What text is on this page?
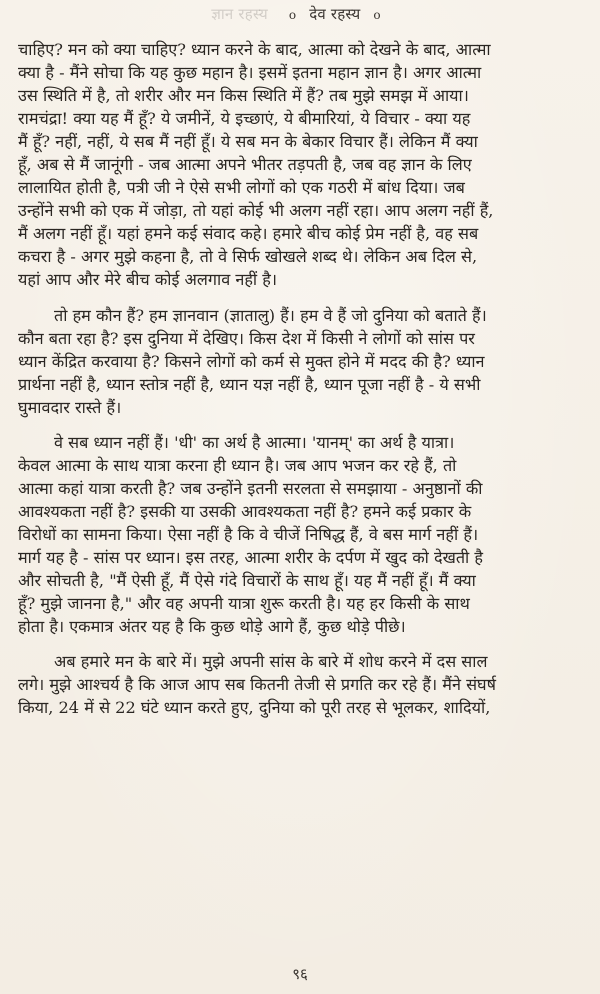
ज्ञान रहस्य o देव रहस्य o

चाहिए? मन को क्या चाहिए? ध्यान करने के बाद, आत्मा को देखने के बाद, आत्मा
क्या है - मैंने सोचा कि यह कुछ महान है। इसमें इतना महान ज्ञान है। अगर आत्मा
उस स्थिति में है, तो शरीर और मन किस स्थिति में हैं? तब मुझे समझ में आया।
रामचंद्रा! क्या यह मैं हूँ? ये जमीनें, ये इच्छाएं, ये बीमारियां, ये विचार - क्या यह
मैं हूँ? नहीं, नहीं, ये सब मैं नहीं हूँ। ये सब मन के बेकार विचार हैं। लेकिन मैं क्या
हूँ, अब से मैं जानूंगी - जब आत्मा अपने भीतर तड़पती है, जब वह ज्ञान के लिए
लालायित होती है, पत्री जी ने ऐसे सभी लोगों को एक गठरी में बांध दिया। जब
उन्होंने सभी को एक में जोड़ा, तो यहां कोई भी अलग नहीं रहा। आप अलग नहीं हैं,
मैं अलग नहीं हूँ। यहां हमने कई संवाद कहे। हमारे बीच कोई प्रेम नहीं है, वह सब
कचरा है - अगर मुझे कहना है, तो वे सिर्फ खोखले शब्द थे। लेकिन अब दिल से,
यहां आप और मेरे बीच कोई अलगाव नहीं है।

तो हम कौन हैं? हम ज्ञानवान (ज्ञातालु) हैं। हम वे हैं जो दुनिया को बताते हैं।
कौन बता रहा है? इस दुनिया में देखिए। किस देश में किसी ने लोगों को सांस पर
ध्यान केंद्रित करवाया है? किसने लोगों को कर्म से मुक्त होने में मदद की है? ध्यान
प्रार्थना नहीं है, ध्यान स्तोत्र नहीं है, ध्यान यज्ञ नहीं है, ध्यान पूजा नहीं है - ये सभी
घुमावदार रास्ते हैं।

वे सब ध्यान नहीं हैं। 'धी' का अर्थ है आत्मा। 'यानम्' का अर्थ है यात्रा।
केवल आत्मा के साथ यात्रा करना ही ध्यान है। जब आप भजन कर रहे हैं, तो
आत्मा कहां यात्रा करती है? जब उन्होंने इतनी सरलता से समझाया - अनुष्ठानों की
आवश्यकता नहीं है? इसकी या उसकी आवश्यकता नहीं है? हमने कई प्रकार के
विरोधों का सामना किया। ऐसा नहीं है कि वे चीजें निषिद्ध हैं, वे बस मार्ग नहीं हैं।
मार्ग यह है - सांस पर ध्यान। इस तरह, आत्मा शरीर के दर्पण में खुद को देखती है
और सोचती है, "मैं ऐसी हूँ, मैं ऐसे गंदे विचारों के साथ हूँ। यह मैं नहीं हूँ। मैं क्या
हूँ? मुझे जानना है," और वह अपनी यात्रा शुरू करती है। यह हर किसी के साथ
होता है। एकमात्र अंतर यह है कि कुछ थोड़े आगे हैं, कुछ थोड़े पीछे।

अब हमारे मन के बारे में। मुझे अपनी सांस के बारे में शोध करने में दस साल
लगे। मुझे आश्चर्य है कि आज आप सब कितनी तेजी से प्रगति कर रहे हैं। मैंने संघर्ष
किया, 24 में से 22 घंटे ध्यान करते हुए, दुनिया को पूरी तरह से भूलकर, शादियों,

९६
